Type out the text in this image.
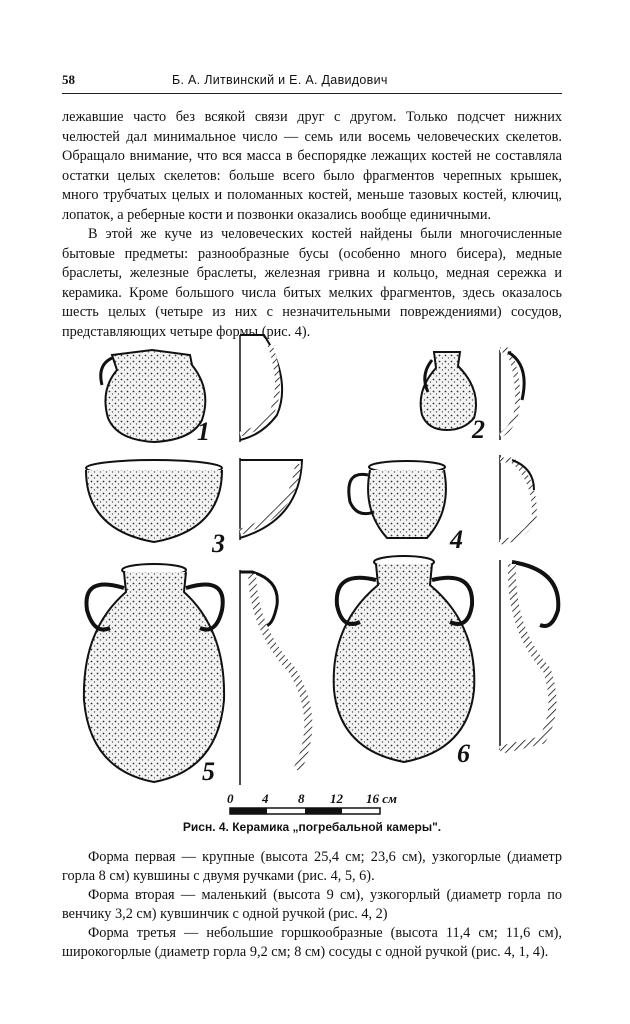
58	Б. А. Литвинский и Е. А. Давидович

лежавшие часто без всякой связи друг с другом. Только подсчет нижних челюстей дал минимальное число — семь или восемь человеческих скелетов. Обращало внимание, что вся масса в беспорядке лежащих костей не составляла остатки целых скелетов: больше всего было фрагментов черепных крышек, много трубчатых целых и поломанных костей, меньше тазовых костей, ключиц, лопаток, а реберные кости и позвонки оказались вообще единичными.

В этой же куче из человеческих костей найдены были многочисленные бытовые предметы: разнообразные бусы (особенно много бисера), медные браслеты, железные браслеты, железная гривна и кольцо, медная сережка и керамика. Кроме большого числа битых мелких фрагментов, здесь оказалось шесть целых (четыре из них с незначительными повреждениями) сосудов, представляющих четыре формы (рис. 4).

1	2
3	4
5
6
0 4 8 12 16 см
Рисн. 4. Керамика „погребальной камеры".

Форма первая — крупные (высота 25,4 см; 23,6 см), узкогорлые (диаметр горла 8 см) кувшины с двумя ручками (рис. 4, 5, 6).

Форма вторая — маленький (высота 9 см), узкогорлый (диаметр горла по венчику 3,2 см) кувшинчик с одной ручкой (рис. 4, 2)

Форма третья — небольшие горшкообразные (высота 11,4 см; 11,6 см), широкогорлые (диаметр горла 9,2 см; 8 см) сосуды с одной ручкой (рис. 4, 1, 4).
